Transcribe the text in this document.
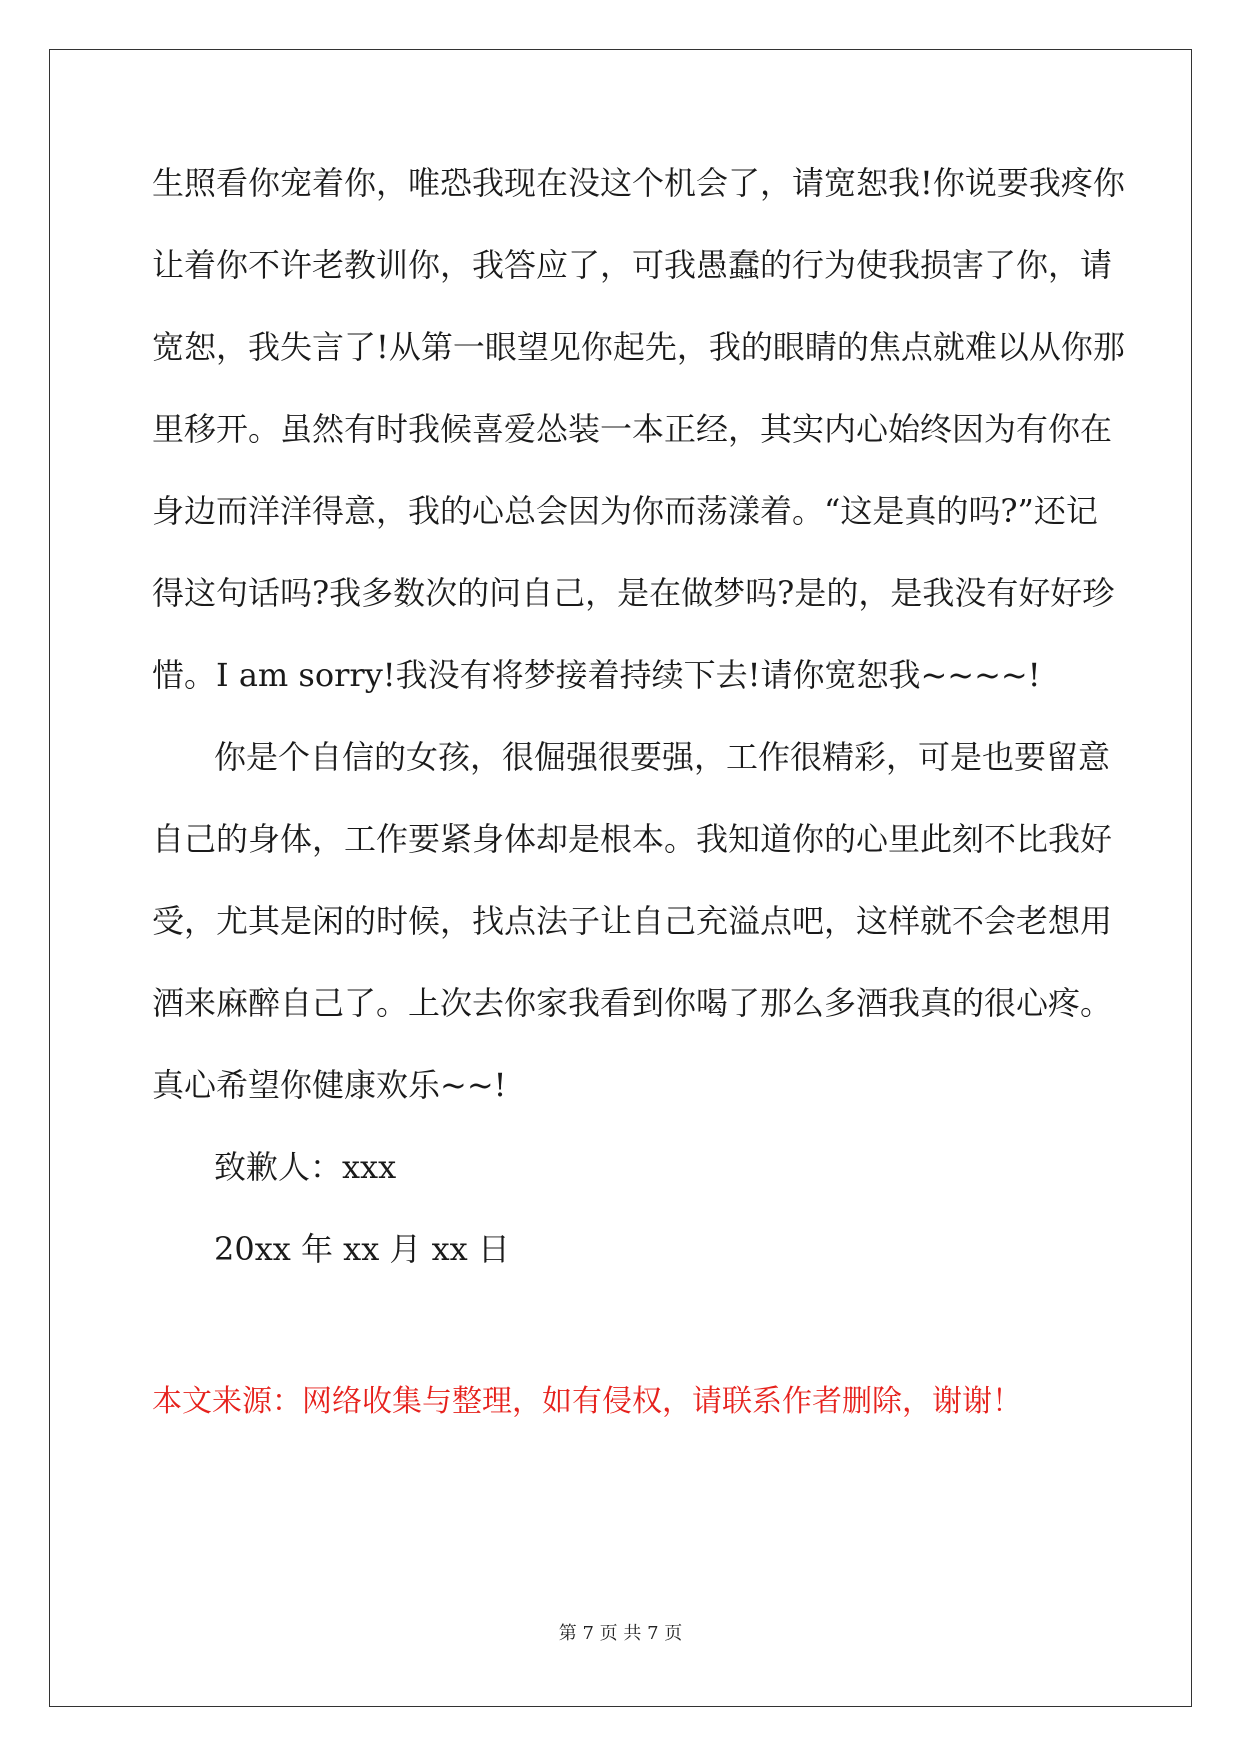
生照看你宠着你，唯恐我现在没这个机会了，请宽恕我!你说要我疼你
让着你不许老教训你，我答应了，可我愚蠢的行为使我损害了你，请
宽恕，我失言了!从第一眼望见你起先，我的眼睛的焦点就难以从你那
里移开。虽然有时我候喜爱怂装一本正经，其实内心始终因为有你在
身边而洋洋得意，我的心总会因为你而荡漾着。“这是真的吗?”还记
得这句话吗?我多数次的问自己，是在做梦吗?是的，是我没有好好珍
惜。I am sorry!我没有将梦接着持续下去!请你宽恕我~~~~!
你是个自信的女孩，很倔强很要强，工作很精彩，可是也要留意
自己的身体，工作要紧身体却是根本。我知道你的心里此刻不比我好
受，尤其是闲的时候，找点法子让自己充溢点吧，这样就不会老想用
酒来麻醉自己了。上次去你家我看到你喝了那么多酒我真的很心疼。
真心希望你健康欢乐~~!
致歉人：xxx
20xx 年 xx 月 xx 日
本文来源：网络收集与整理，如有侵权，请联系作者删除，谢谢！
第 7 页 共 7 页
